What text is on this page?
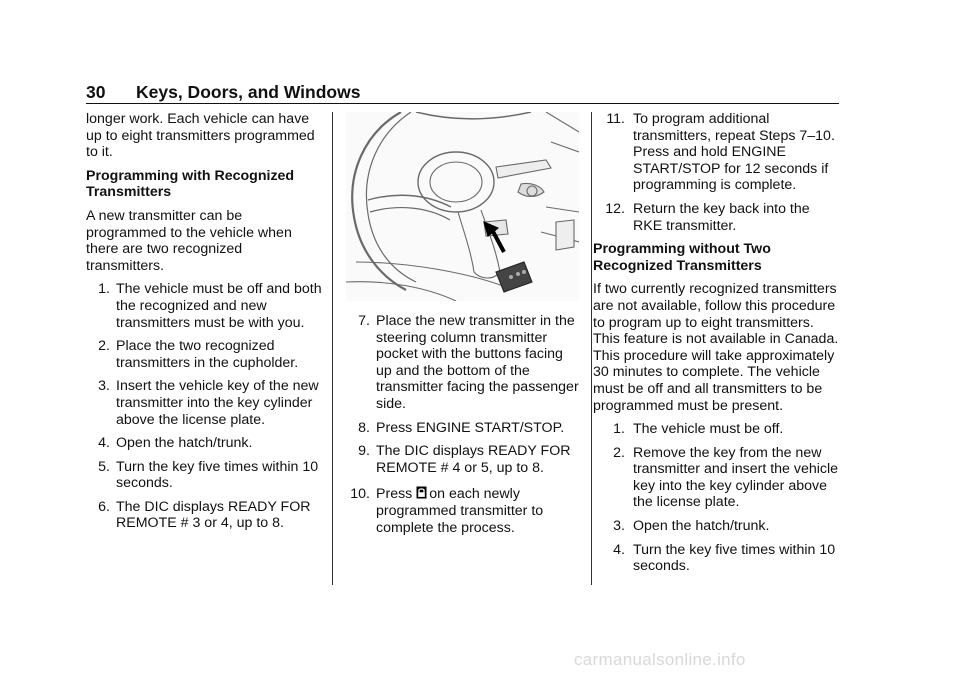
30 Keys, Doors, and Windows

longer work. Each vehicle can have up to eight transmitters programmed to it.

Programming with Recognized Transmitters

A new transmitter can be programmed to the vehicle when there are two recognized transmitters.

1. The vehicle must be off and both the recognized and new transmitters must be with you.
2. Place the two recognized transmitters in the cupholder.
3. Insert the vehicle key of the new transmitter into the key cylinder above the license plate.
4. Open the hatch/trunk.
5. Turn the key five times within 10 seconds.
6. The DIC displays READY FOR REMOTE # 3 or 4, up to 8.
7. Place the new transmitter in the steering column transmitter pocket with the buttons facing up and the bottom of the transmitter facing the passenger side.
8. Press ENGINE START/STOP.
9. The DIC displays READY FOR REMOTE # 4 or 5, up to 8.
10. Press on each newly programmed transmitter to complete the process.
11. To program additional transmitters, repeat Steps 7–10. Press and hold ENGINE START/STOP for 12 seconds if programming is complete.
12. Return the key back into the RKE transmitter.
Programming without Two Recognized Transmitters

If two currently recognized transmitters are not available, follow this procedure to program up to eight transmitters. This feature is not available in Canada. This procedure will take approximately 30 minutes to complete. The vehicle must be off and all transmitters to be programmed must be present.

1. The vehicle must be off.
2. Remove the key from the new transmitter and insert the vehicle key into the key cylinder above the license plate.
3. Open the hatch/trunk.
4. Turn the key five times within 10 seconds.
carmanualsonline.info
